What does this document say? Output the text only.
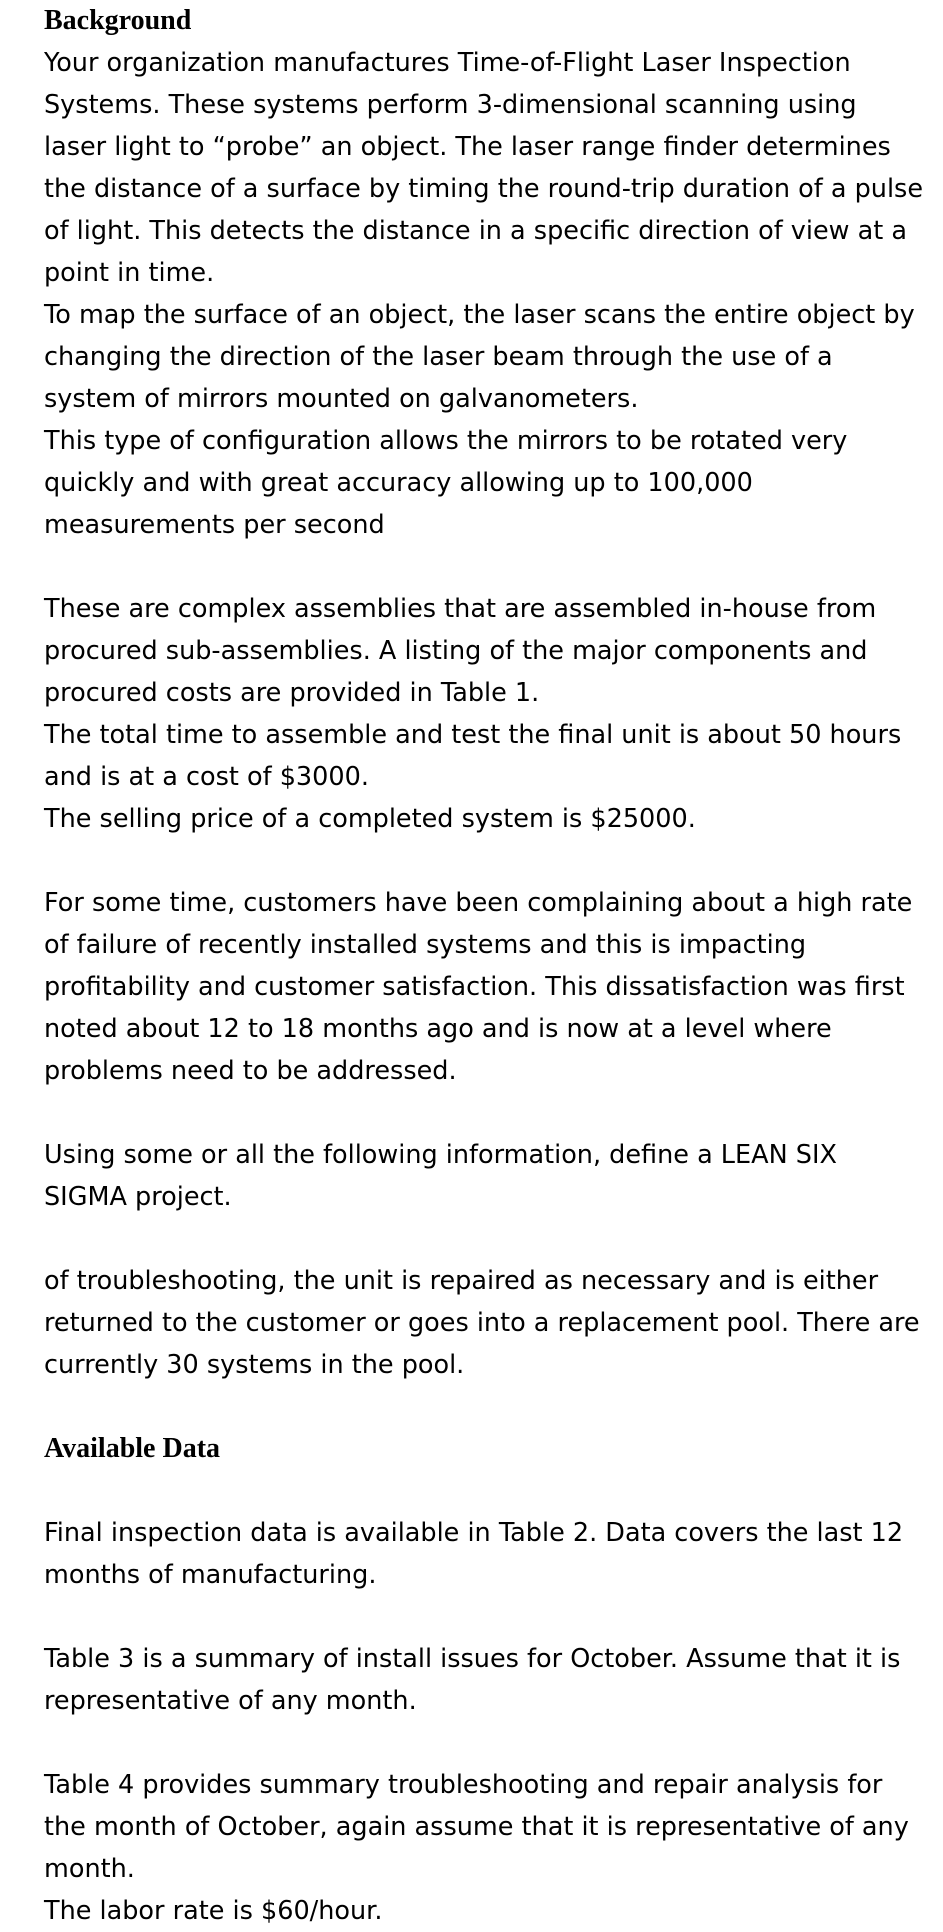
Background

Your organization manufactures Time-of-Flight Laser Inspection Systems. These systems perform 3-dimensional scanning using laser light to “probe” an object. The laser range finder determines the distance of a surface by timing the round-trip duration of a pulse of light. This detects the distance in a specific direction of view at a point in time.

To map the surface of an object, the laser scans the entire object by changing the direction of the laser beam through the use of a system of mirrors mounted on galvanometers.

This type of configuration allows the mirrors to be rotated very quickly and with great accuracy allowing up to 100,000 measurements per second

These are complex assemblies that are assembled in-house from procured sub-assemblies. A listing of the major components and procured costs are provided in Table 1.

The total time to assemble and test the final unit is about 50 hours and is at a cost of $3000.

The selling price of a completed system is $25000.

For some time, customers have been complaining about a high rate of failure of recently installed systems and this is impacting profitability and customer satisfaction. This dissatisfaction was first noted about 12 to 18 months ago and is now at a level where problems need to be addressed.

Using some or all the following information, define a LEAN SIX SIGMA project.

of troubleshooting, the unit is repaired as necessary and is either returned to the customer or goes into a replacement pool. There are currently 30 systems in the pool.

Available Data

Final inspection data is available in Table 2. Data covers the last 12 months of manufacturing.

Table 3 is a summary of install issues for October. Assume that it is representative of any month.

Table 4 provides summary troubleshooting and repair analysis for the month of October, again assume that it is representative of any month.

The labor rate is $60/hour.
